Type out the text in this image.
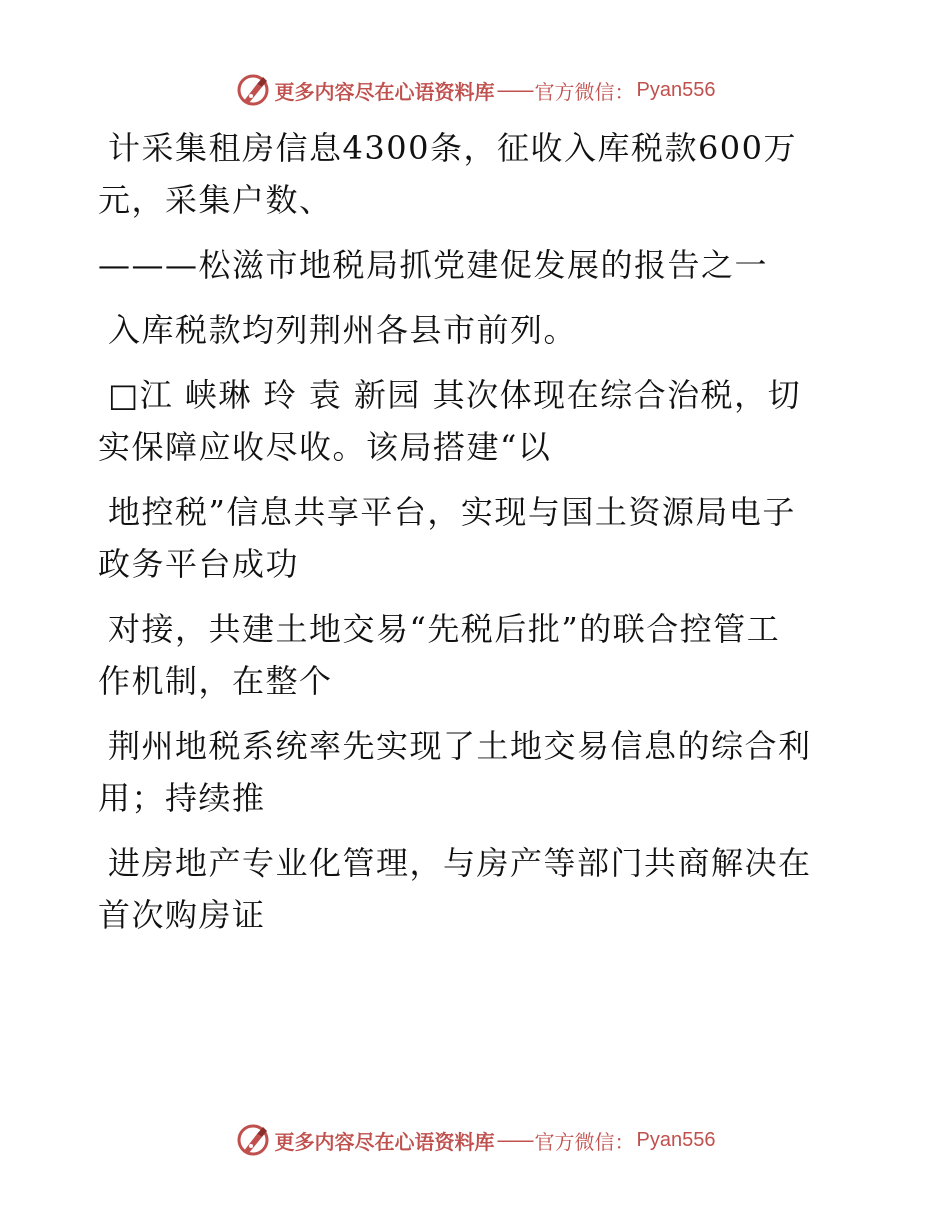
更多内容尽在心语资料库 —— 官方微信： Pyan556

计采集租房信息4300条，征收入库税款600万
元，采集户数、

———松滋市地税局抓党建促发展的报告之一

入库税款均列荆州各县市前列。

□江 峡琳 玲 袁 新园 其次体现在综合治税，切
实保障应收尽收。该局搭建“以

地控税”信息共享平台，实现与国土资源局电子
政务平台成功

对接，共建土地交易“先税后批”的联合控管工
作机制，在整个

荆州地税系统率先实现了土地交易信息的综合利
用；持续推

进房地产专业化管理，与房产等部门共商解决在
首次购房证

更多内容尽在心语资料库 —— 官方微信： Pyan556
